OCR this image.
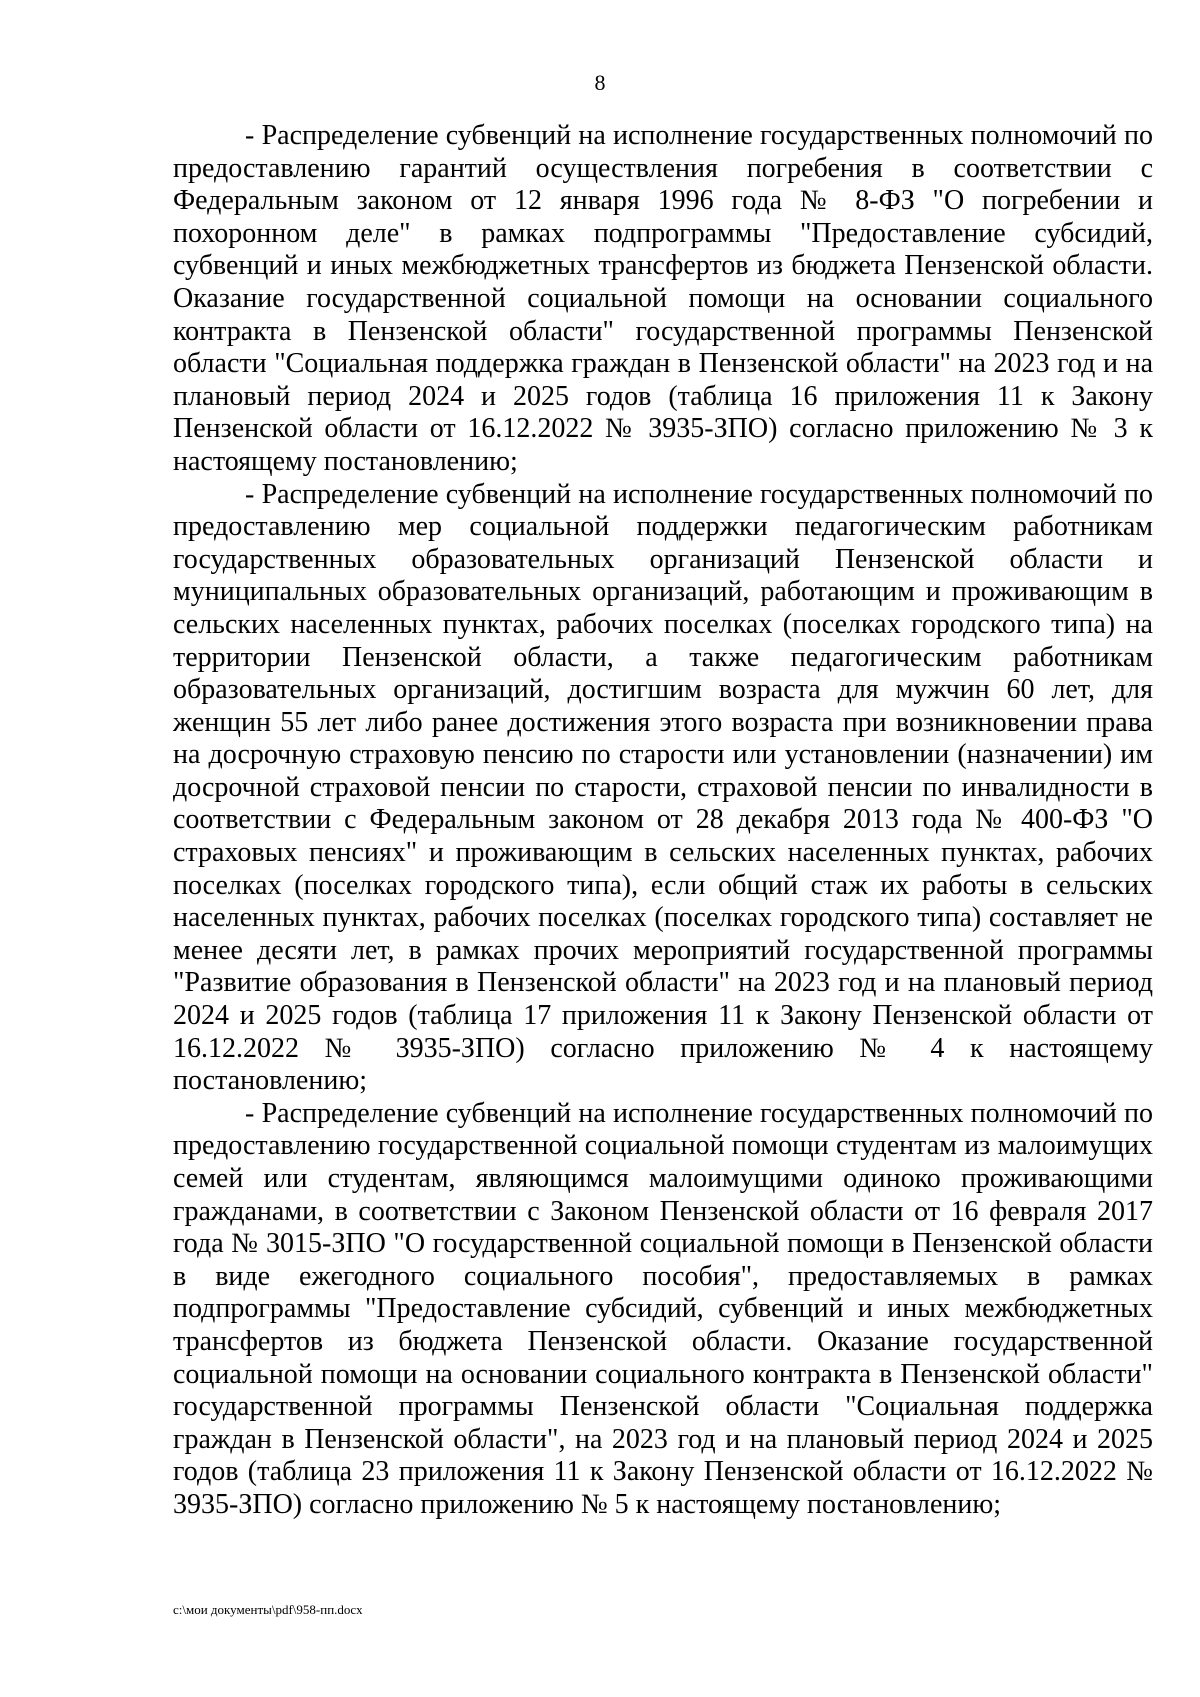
8

- Распределение субвенций на исполнение государственных полномочий по предоставлению гарантий осуществления погребения в соответствии с Федеральным законом от 12 января 1996 года № 8-ФЗ "О погребении и похоронном деле" в рамках подпрограммы "Предоставление субсидий, субвенций и иных межбюджетных трансфертов из бюджета Пензенской области. Оказание государственной социальной помощи на основании социального контракта в Пензенской области" государственной программы Пензенской области "Социальная поддержка граждан в Пензенской области" на 2023 год и на плановый период 2024 и 2025 годов (таблица 16 приложения 11 к Закону Пензенской области от 16.12.2022 № 3935-ЗПО) согласно приложению № 3 к настоящему постановлению;

- Распределение субвенций на исполнение государственных полномочий по предоставлению мер социальной поддержки педагогическим работникам государственных образовательных организаций Пензенской области и муниципальных образовательных организаций, работающим и проживающим в сельских населенных пунктах, рабочих поселках (поселках городского типа) на территории Пензенской области, а также педагогическим работникам образовательных организаций, достигшим возраста для мужчин 60 лет, для женщин 55 лет либо ранее достижения этого возраста при возникновении права на досрочную страховую пенсию по старости или установлении (назначении) им досрочной страховой пенсии по старости, страховой пенсии по инвалидности в соответствии с Федеральным законом от 28 декабря 2013 года № 400-ФЗ "О страховых пенсиях" и проживающим в сельских населенных пунктах, рабочих поселках (поселках городского типа), если общий стаж их работы в сельских населенных пунктах, рабочих поселках (поселках городского типа) составляет не менее десяти лет, в рамках прочих мероприятий государственной программы "Развитие образования в Пензенской области" на 2023 год и на плановый период 2024 и 2025 годов (таблица 17 приложения 11 к Закону Пензенской области от 16.12.2022 № 3935-ЗПО) согласно приложению № 4 к настоящему постановлению;

- Распределение субвенций на исполнение государственных полномочий по предоставлению государственной социальной помощи студентам из малоимущих семей или студентам, являющимся малоимущими одиноко проживающими гражданами, в соответствии с Законом Пензенской области от 16 февраля 2017 года № 3015-ЗПО "О государственной социальной помощи в Пензенской области в виде ежегодного социального пособия", предоставляемых в рамках подпрограммы "Предоставление субсидий, субвенций и иных межбюджетных трансфертов из бюджета Пензенской области. Оказание государственной социальной помощи на основании социального контракта в Пензенской области" государственной программы Пензенской области "Социальная поддержка граждан в Пензенской области", на 2023 год и на плановый период 2024 и 2025 годов (таблица 23 приложения 11 к Закону Пензенской области от 16.12.2022 № 3935-ЗПО) согласно приложению № 5 к настоящему постановлению;

c:\мои документы\pdf\958-пп.docx
